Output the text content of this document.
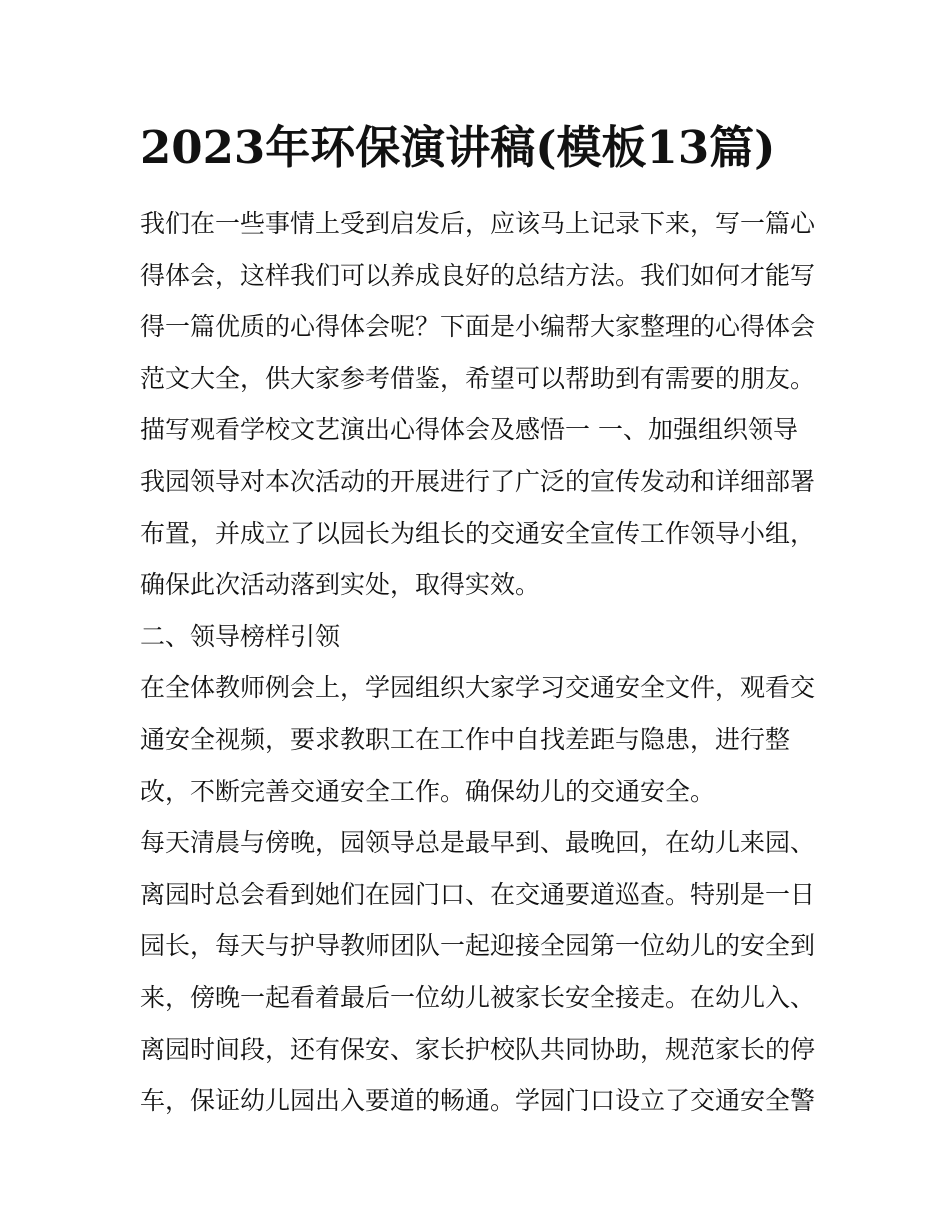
2023年环保演讲稿(模板13篇)
我们在一些事情上受到启发后，应该马上记录下来，写一篇心
得体会，这样我们可以养成良好的总结方法。我们如何才能写
得一篇优质的心得体会呢？下面是小编帮大家整理的心得体会
范文大全，供大家参考借鉴，希望可以帮助到有需要的朋友。
描写观看学校文艺演出心得体会及感悟一 一、加强组织领导
我园领导对本次活动的开展进行了广泛的宣传发动和详细部署
布置，并成立了以园长为组长的交通安全宣传工作领导小组，
确保此次活动落到实处，取得实效。
二、领导榜样引领
在全体教师例会上，学园组织大家学习交通安全文件，观看交
通安全视频，要求教职工在工作中自找差距与隐患，进行整
改，不断完善交通安全工作。确保幼儿的交通安全。
每天清晨与傍晚，园领导总是最早到、最晚回，在幼儿来园、
离园时总会看到她们在园门口、在交通要道巡查。特别是一日
园长，每天与护导教师团队一起迎接全园第一位幼儿的安全到
来，傍晚一起看着最后一位幼儿被家长安全接走。在幼儿入、
离园时间段，还有保安、家长护校队共同协助，规范家长的停
车，保证幼儿园出入要道的畅通。学园门口设立了交通安全警
